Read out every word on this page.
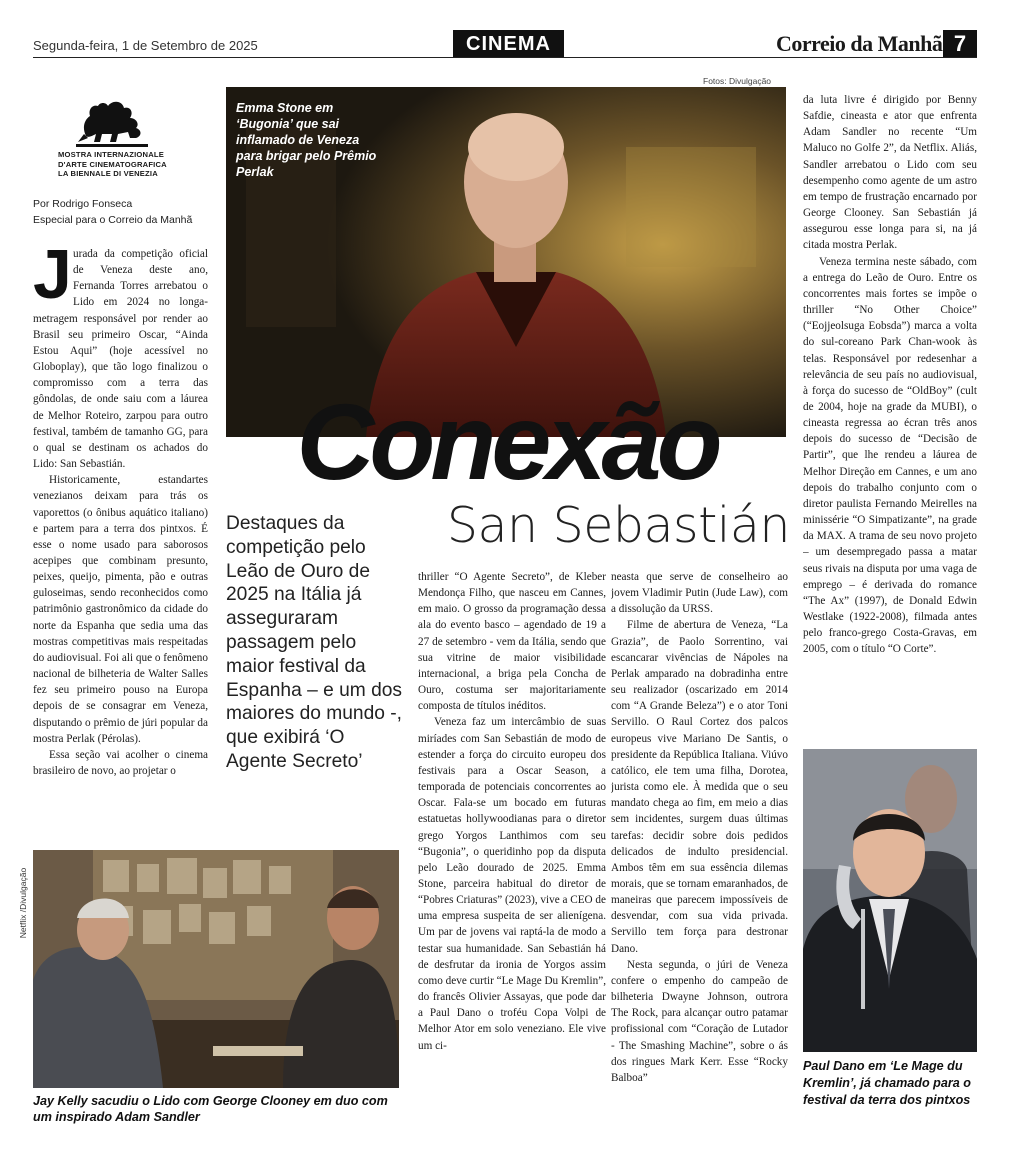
Segunda-feira, 1 de Setembro de 2025	CINEMA	Correio da Manhã 7
Fotos: Divulgação
MOSTRA INTERNAZIONALE
D'ARTE CINEMATOGRAFICA
LA BIENNALE DI VENEZIA
Por Rodrigo Fonseca
Especial para o Correio da Manhã
J urada da competição oficial de Veneza deste ano, Fernanda Torres arrebatou o Lido em 2024 no longa-metragem responsável por render ao Brasil seu primeiro Oscar, “Ainda Estou Aqui” (hoje acessível no Globoplay), que tão logo finalizou o compromisso com a terra das gôndolas, de onde saiu com a láurea de Melhor Roteiro, zarpou para outro festival, também de tamanho GG, para o qual se destinam os achados do Lido: San Sebastián.

Historicamente, estandartes venezianos deixam para trás os vaporettos (o ônibus aquático italiano) e partem para a terra dos pintxos. É esse o nome usado para saborosos acepipes que combinam presunto, peixes, queijo, pimenta, pão e outras guloseimas, sendo reconhecidos como patrimônio gastronômico da cidade do norte da Espanha que sedia uma das mostras competitivas mais respeitadas do audiovisual. Foi ali que o fenômeno nacional de bilheteria de Walter Salles fez seu primeiro pouso na Europa depois de se consagrar em Veneza, disputando o prêmio de júri popular da mostra Perlak (Pérolas).

Essa seção vai acolher o cinema brasileiro de novo, ao projetar o

Emma Stone em ‘Bugonia’ que sai inflamado de Veneza para brigar pelo Prêmio Perlak
Conexão
San Sebastián
Destaques da competição pelo Leão de Ouro de 2025 na Itália já asseguraram passagem pelo maior festival da Espanha – e um dos maiores do mundo -, que exibirá ‘O Agente Secreto’

thriller “O Agente Secreto”, de Kleber Mendonça Filho, que nasceu em Cannes, em maio. O grosso da programação dessa ala do evento basco – agendado de 19 a 27 de setembro - vem da Itália, sendo que sua vitrine de maior visibilidade internacional, a briga pela Concha de Ouro, costuma ser majoritariamente composta de títulos inéditos.

Veneza faz um intercâmbio de suas miríades com San Sebastián de modo de estender a força do circuito europeu dos festivais para a Oscar Season, a temporada de potenciais concorrentes ao Oscar. Fala-se um bocado em futuras estatuetas hollywoodianas para o diretor grego Yorgos Lanthimos com seu “Bugonia”, o queridinho pop da disputa pelo Leão dourado de 2025. Emma Stone, parceira habitual do diretor de “Pobres Criaturas” (2023), vive a CEO de uma empresa suspeita de ser alienígena. Um par de jovens vai raptá-la de modo a testar sua humanidade. San Sebastián há de desfrutar da ironia de Yorgos assim como deve curtir “Le Mage Du Kremlin”, do francês Olivier Assayas, que pode dar a Paul Dano o troféu Copa Volpi de Melhor Ator em solo veneziano. Ele vive um ci-

neasta que serve de conselheiro ao jovem Vladimir Putin (Jude Law), com a dissolução da URSS.

Filme de abertura de Veneza, “La Grazia”, de Paolo Sorrentino, vai escancarar vivências de Nápoles na Perlak amparado na dobradinha entre seu realizador (oscarizado em 2014 com “A Grande Beleza”) e o ator Toni Servillo. O Raul Cortez dos palcos europeus vive Mariano De Santis, o presidente da República Italiana. Viúvo católico, ele tem uma filha, Dorotea, jurista como ele. À medida que o seu mandato chega ao fim, em meio a dias sem incidentes, surgem duas últimas tarefas: decidir sobre dois pedidos delicados de indulto presidencial. Ambos têm em sua essência dilemas morais, que se tornam emaranhados, de maneiras que parecem impossíveis de desvendar, com sua vida privada. Servillo tem força para destronar Dano.

Nesta segunda, o júri de Veneza confere o empenho do campeão de bilheteria Dwayne Johnson, outrora The Rock, para alcançar outro patamar profissional com “Coração de Lutador - The Smashing Machine”, sobre o ás dos ringues Mark Kerr. Esse “Rocky Balboa”

da luta livre é dirigido por Benny Safdie, cineasta e ator que enfrenta Adam Sandler no recente “Um Maluco no Golfe 2”, da Netflix. Aliás, Sandler arrebatou o Lido com seu desempenho como agente de um astro em tempo de frustração encarnado por George Clooney. San Sebastián já assegurou esse longa para si, na já citada mostra Perlak.

Veneza termina neste sábado, com a entrega do Leão de Ouro. Entre os concorrentes mais fortes se impõe o thriller “No Other Choice” (“Eojjeolsuga Eobsda”) marca a volta do sul-coreano Park Chan-wook às telas. Responsável por redesenhar a relevância de seu país no audiovisual, à força do sucesso de “OldBoy” (cult de 2004, hoje na grade da MUBI), o cineasta regressa ao écran três anos depois do sucesso de “Decisão de Partir”, que lhe rendeu a láurea de Melhor Direção em Cannes, e um ano depois do trabalho conjunto com o diretor paulista Fernando Meirelles na minissérie “O Simpatizante”, na grade da MAX. A trama de seu novo projeto – um desempregado passa a matar seus rivais na disputa por uma vaga de emprego – é derivada do romance “The Ax” (1997), de Donald Edwin Westlake (1922-2008), filmada antes pelo franco-grego Costa-Gravas, em 2005, com o título “O Corte”.

Netflix /Divulgação
Jay Kelly sacudiu o Lido com George Clooney em duo com um inspirado Adam Sandler
Paul Dano em ‘Le Mage du Kremlin’, já chamado para o festival da terra dos pintxos
